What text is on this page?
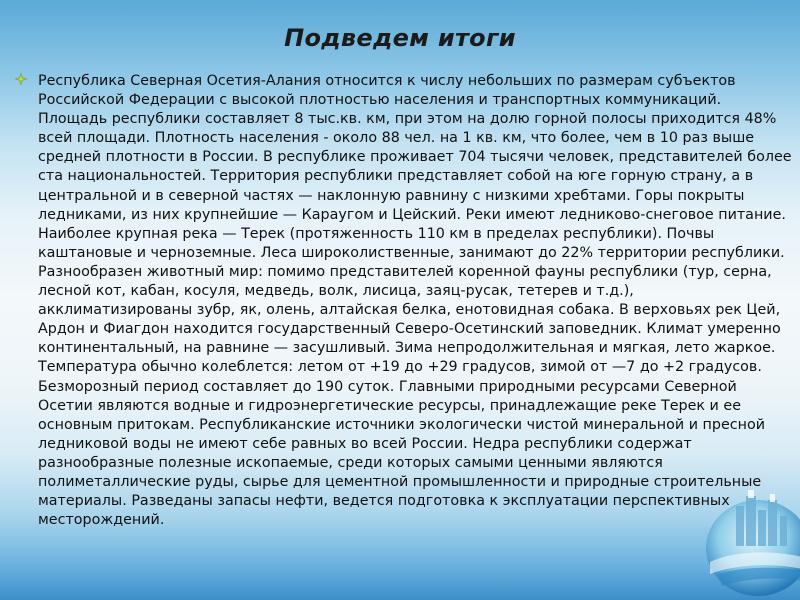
Подведем итоги

Республика Северная Осетия-Алания относится к числу небольших по размерам субъектов Российской Федерации с высокой плотностью населения и транспортных коммуникаций. Площадь республики составляет 8 тыс.кв. км, при этом на долю горной полосы приходится 48% всей площади. Плотность населения - около 88 чел. на 1 кв. км, что более, чем в 10 раз выше средней плотности в России. В республике проживает 704 тысячи человек, представителей более ста национальностей. Территория республики представляет собой на юге горную страну, а в центральной и в северной частях — наклонную равнину с низкими хребтами. Горы покрыты ледниками, из них крупнейшие — Караугом и Цейский. Реки имеют ледниково-снеговое питание. Наиболее крупная река — Терек (протяженность 110 км в пределах республики). Почвы каштановые и черноземные. Леса широколиственные, занимают до 22% территории республики. Разнообразен животный мир: помимо представителей коренной фауны республики (тур, серна, лесной кот, кабан, косуля, медведь, волк, лисица, заяц-русак, тетерев и т.д.), акклиматизированы зубр, як, олень, алтайская белка, енотовидная собака. В верховьях рек Цей, Ардон и Фиагдон находится государственный Северо-Осетинский заповедник. Климат умеренно континентальный, на равнине — засушливый. Зима непродолжительная и мягкая, лето жаркое. Температура обычно колеблется: летом от +19 до +29 градусов, зимой от —7 до +2 градусов. Безморозный период составляет до 190 суток. Главными природными ресурсами Северной Осетии являются водные и гидроэнергетические ресурсы, принадлежащие реке Терек и ее основным притокам. Республиканские источники экологически чистой минеральной и пресной ледниковой воды не имеют себе равных во всей России. Недра республики содержат разнообразные полезные ископаемые, среди которых самыми ценными являются полиметаллические руды, сырье для цементной промышленности и природные строительные материалы. Разведаны запасы нефти, ведется подготовка к эксплуатации перспективных месторождений.
